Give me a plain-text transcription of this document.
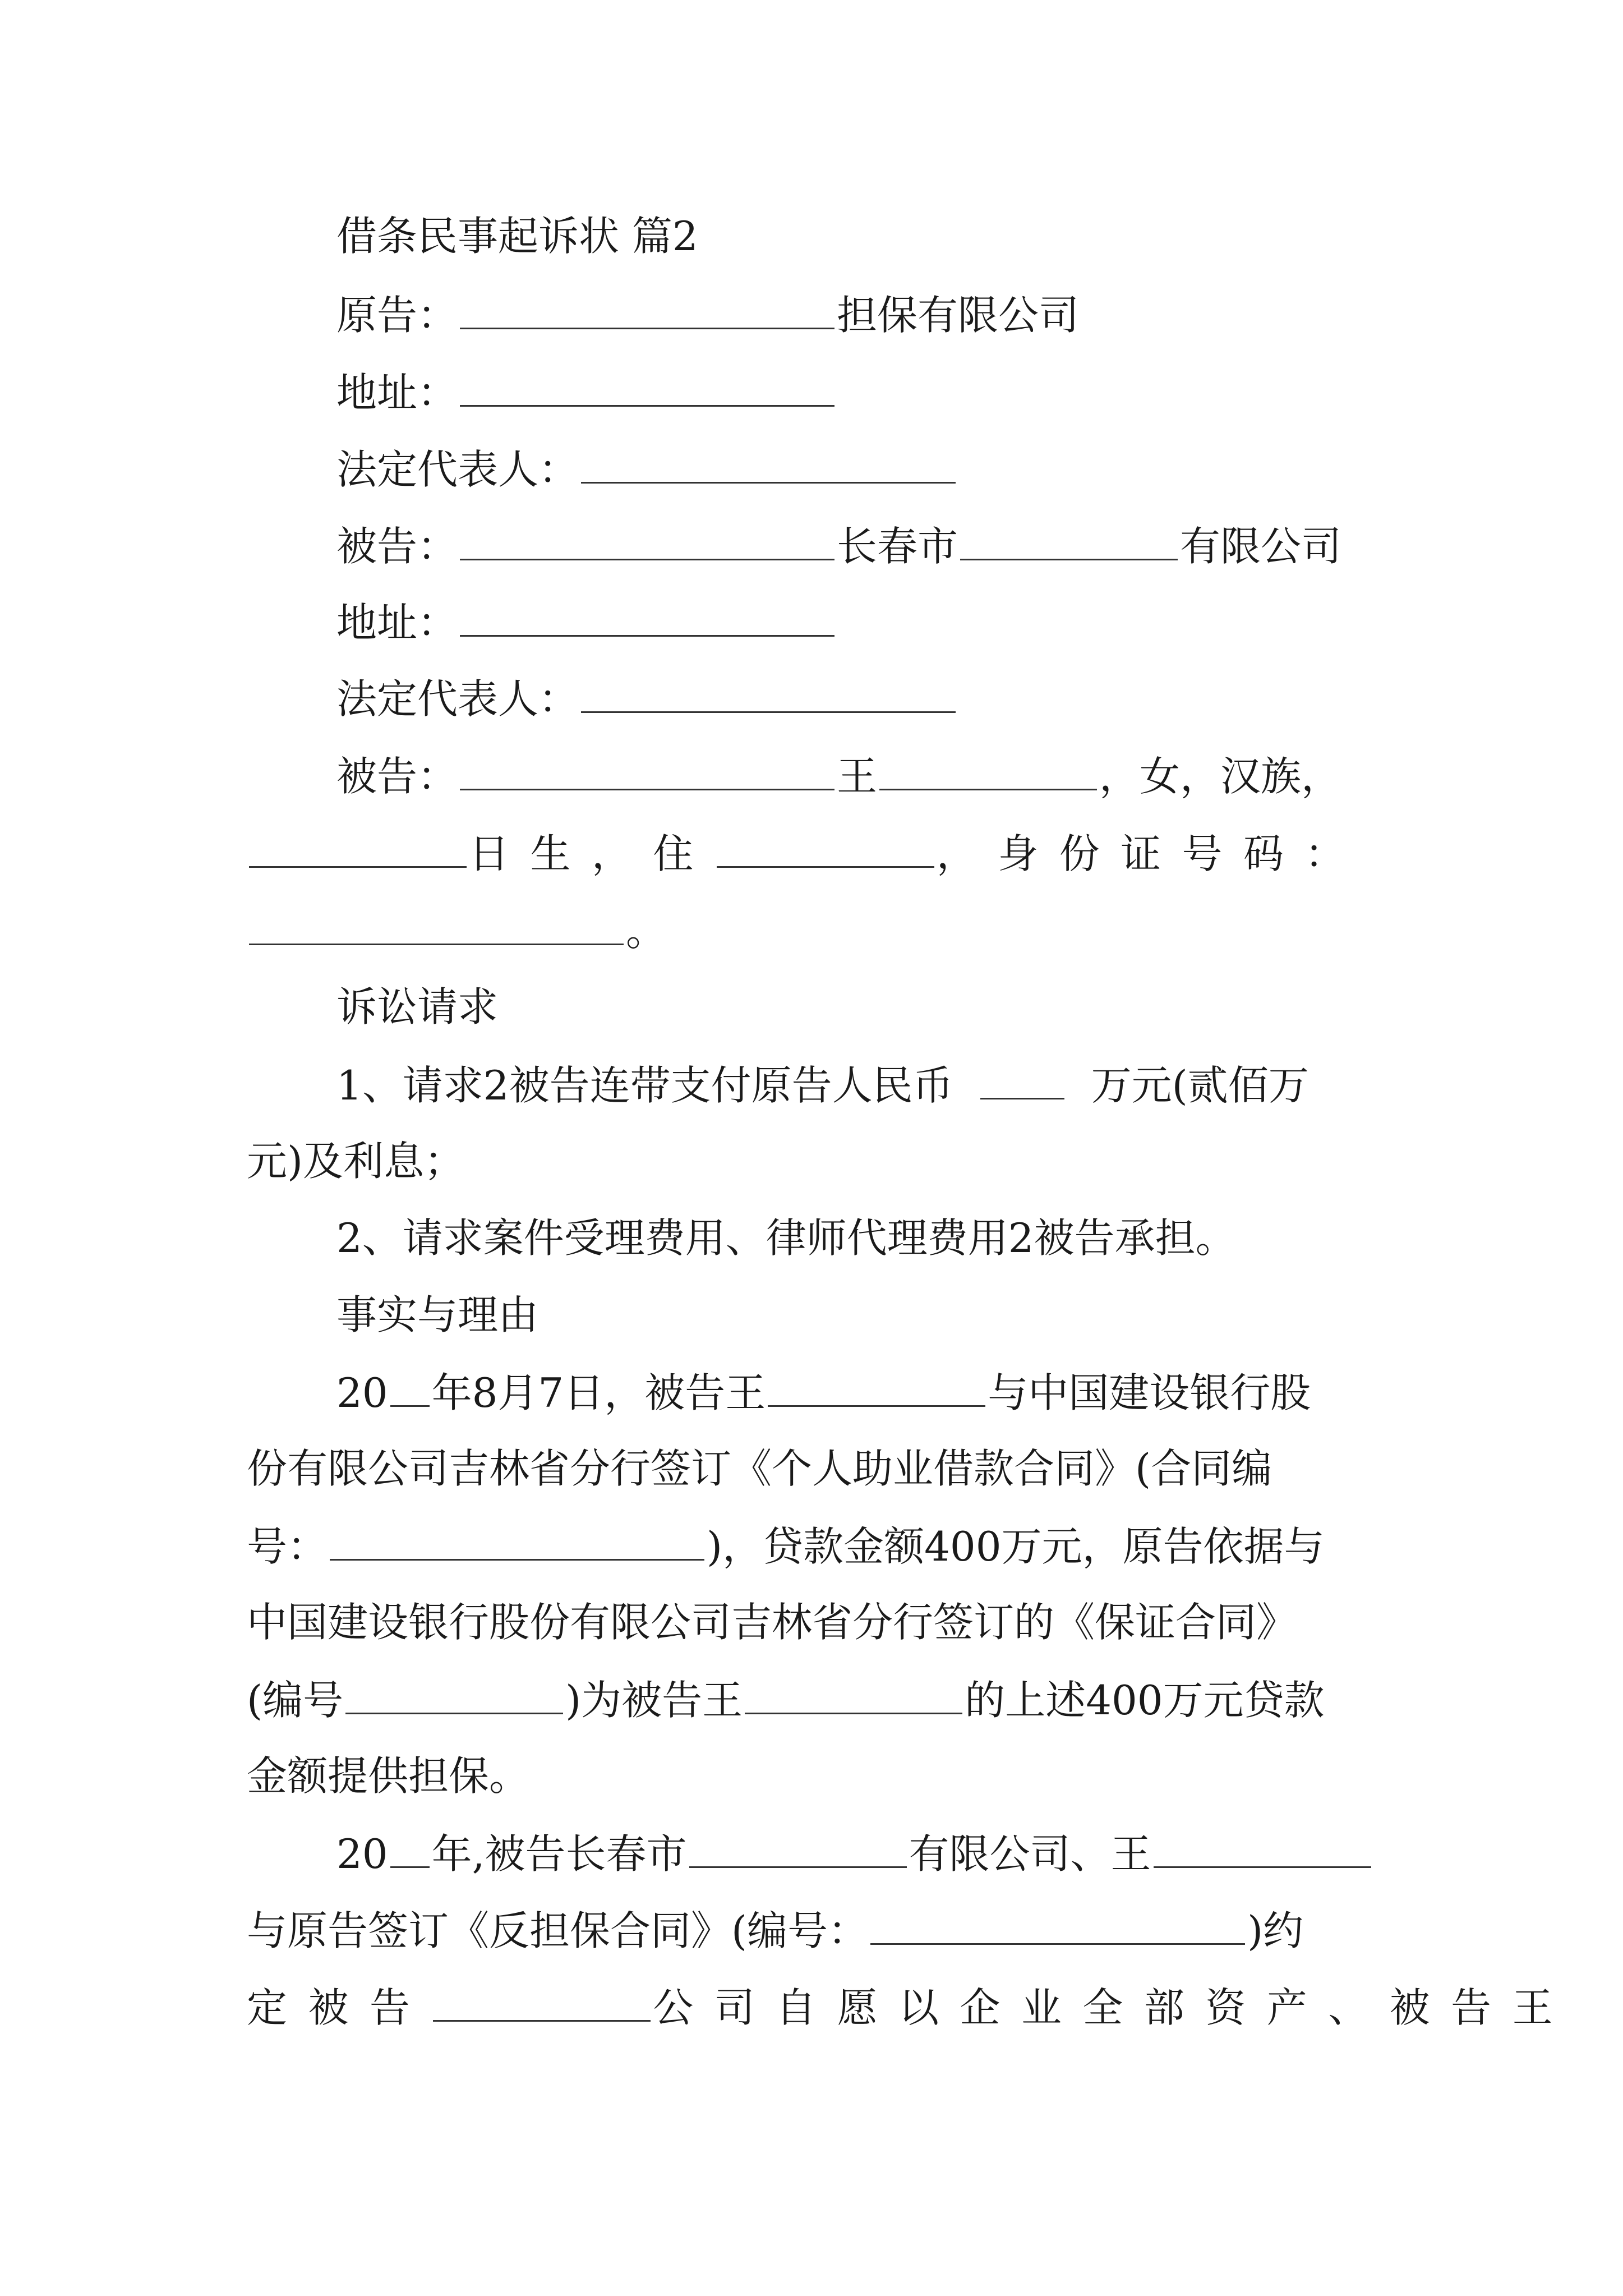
借条民事起诉状 篇2
原告：	担保有限公司
地址：
法定代表人：
被告：	长春市	有限公司
地址：
法定代表人：
被告：	王	，女，汉族，
日生，住	，身份证号码：
。
诉讼请求
1、请求2被告连带支付原告人民币	万元(贰佰万
元)及利息；
2、请求案件受理费用、律师代理费用2被告承担。
事实与理由
20 年8月7日，被告王	与中国建设银行股
份有限公司吉林省分行签订《个人助业借款合同》(合同编
号：	)，贷款金额400万元，原告依据与
中国建设银行股份有限公司吉林省分行签订的《保证合同》
(编号	)为被告王	的上述400万元贷款
金额提供担保。
20 年,被告长春市	有限公司、王
与原告签订《反担保合同》(编号：	)约
定被告	公司自愿以企业全部资产、被告王
